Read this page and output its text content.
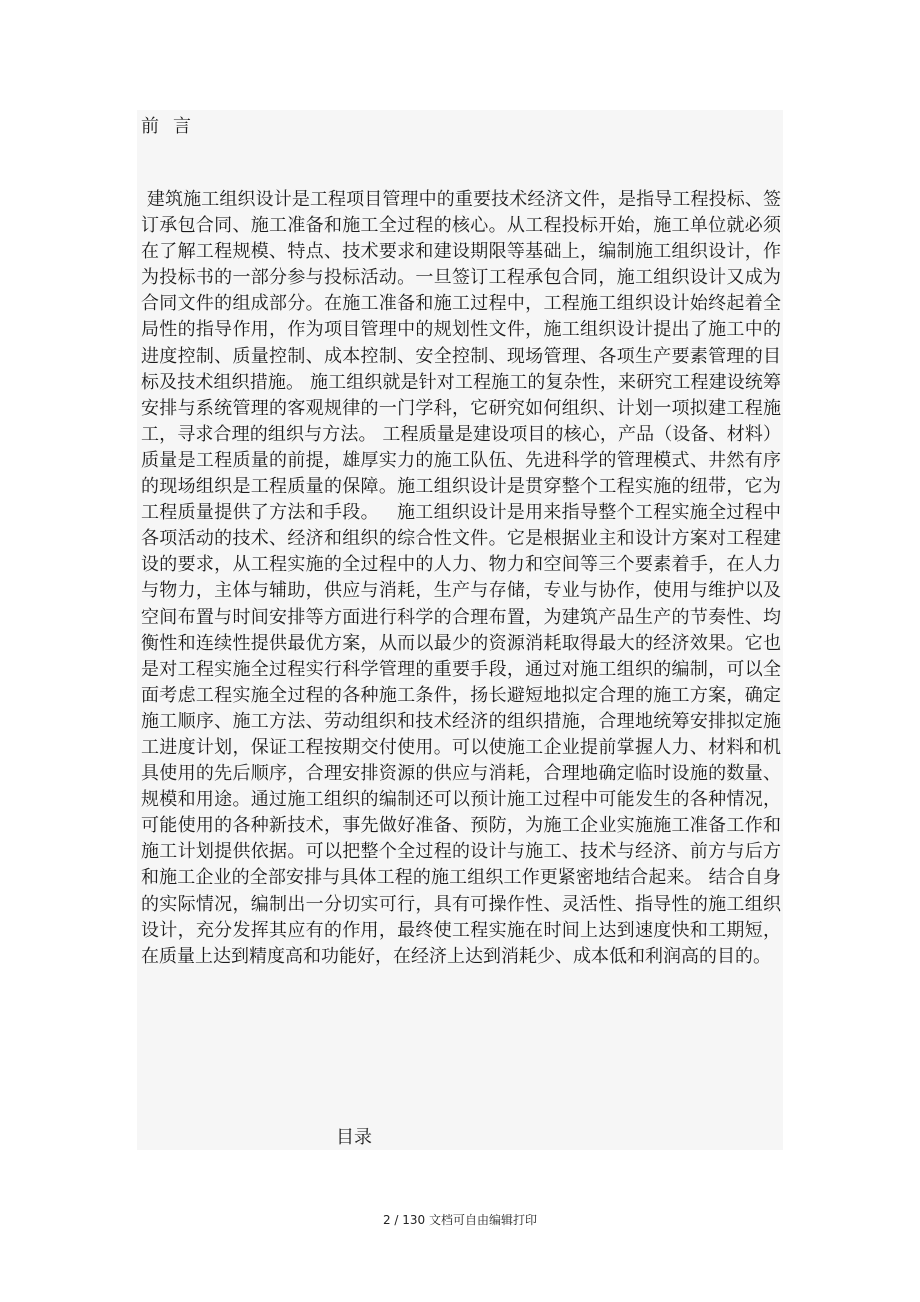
前言

建筑施工组织设计是工程项目管理中的重要技术经济文件，是指导工程投标、签订承包合同、施工准备和施工全过程的核心。从工程投标开始，施工单位就必须在了解工程规模、特点、技术要求和建设期限等基础上，编制施工组织设计，作为投标书的一部分参与投标活动。一旦签订工程承包合同，施工组织设计又成为合同文件的组成部分。在施工准备和施工过程中，工程施工组织设计始终起着全局性的指导作用，作为项目管理中的规划性文件，施工组织设计提出了施工中的进度控制、质量控制、成本控制、安全控制、现场管理、各项生产要素管理的目标及技术组织措施。 施工组织就是针对工程施工的复杂性，来研究工程建设统筹安排与系统管理的客观规律的一门学科，它研究如何组织、计划一项拟建工程施工，寻求合理的组织与方法。 工程质量是建设项目的核心，产品（设备、材料）质量是工程质量的前提，雄厚实力的施工队伍、先进科学的管理模式、井然有序的现场组织是工程质量的保障。施工组织设计是贯穿整个工程实施的纽带，它为工程质量提供了方法和手段。   施工组织设计是用来指导整个工程实施全过程中各项活动的技术、经济和组织的综合性文件。它是根据业主和设计方案对工程建设的要求，从工程实施的全过程中的人力、物力和空间等三个要素着手，在人力与物力，主体与辅助，供应与消耗，生产与存储，专业与协作，使用与维护以及空间布置与时间安排等方面进行科学的合理布置，为建筑产品生产的节奏性、均衡性和连续性提供最优方案，从而以最少的资源消耗取得最大的经济效果。它也是对工程实施全过程实行科学管理的重要手段，通过对施工组织的编制，可以全面考虑工程实施全过程的各种施工条件，扬长避短地拟定合理的施工方案，确定施工顺序、施工方法、劳动组织和技术经济的组织措施，合理地统筹安排拟定施工进度计划，保证工程按期交付使用。可以使施工企业提前掌握人力、材料和机具使用的先后顺序，合理安排资源的供应与消耗，合理地确定临时设施的数量、规模和用途。通过施工组织的编制还可以预计施工过程中可能发生的各种情况，可能使用的各种新技术，事先做好准备、预防，为施工企业实施施工准备工作和施工计划提供依据。可以把整个全过程的设计与施工、技术与经济、前方与后方和施工企业的全部安排与具体工程的施工组织工作更紧密地结合起来。 结合自身的实际情况，编制出一分切实可行，具有可操作性、灵活性、指导性的施工组织设计，充分发挥其应有的作用，最终使工程实施在时间上达到速度快和工期短，在质量上达到精度高和功能好，在经济上达到消耗少、成本低和利润高的目的。

目录
2 / 130 文档可自由编辑打印
